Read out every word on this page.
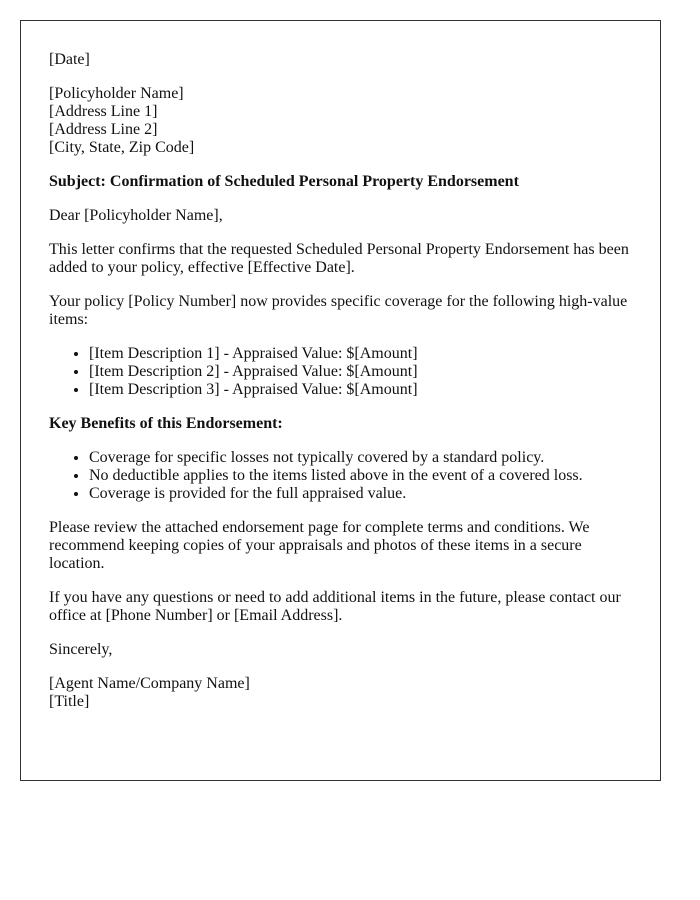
[Date]

[Policyholder Name]
[Address Line 1]
[Address Line 2]
[City, State, Zip Code]

Subject: Confirmation of Scheduled Personal Property Endorsement

Dear [Policyholder Name],

This letter confirms that the requested Scheduled Personal Property Endorsement has been added to your policy, effective [Effective Date].

Your policy [Policy Number] now provides specific coverage for the following high-value items:

• [Item Description 1] - Appraised Value: $[Amount]
• [Item Description 2] - Appraised Value: $[Amount]
• [Item Description 3] - Appraised Value: $[Amount]

Key Benefits of this Endorsement:

• Coverage for specific losses not typically covered by a standard policy.
• No deductible applies to the items listed above in the event of a covered loss.
• Coverage is provided for the full appraised value.

Please review the attached endorsement page for complete terms and conditions. We recommend keeping copies of your appraisals and photos of these items in a secure location.

If you have any questions or need to add additional items in the future, please contact our office at [Phone Number] or [Email Address].

Sincerely,

[Agent Name/Company Name]
[Title]
